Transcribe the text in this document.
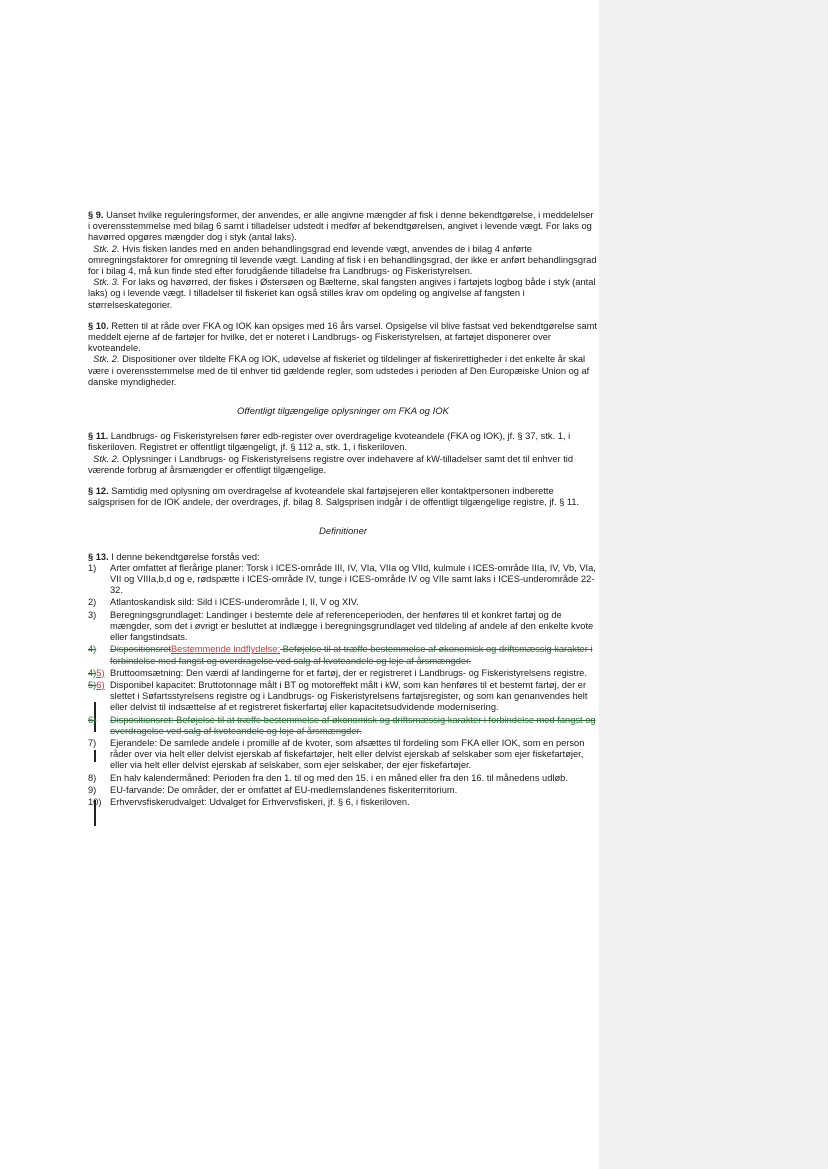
§ 9. Uanset hvilke reguleringsformer, der anvendes, er alle angivne mængder af fisk i denne bekendtgørelse, i meddelelser i overensstemmelse med bilag 6 samt i tilladelser udstedt i medfør af bekendtgørelsen, angivet i levende vægt. For laks og havørred opgøres mængder dog i styk (antal laks).

Stk. 2. Hvis fisken landes med en anden behandlingsgrad end levende vægt, anvendes de i bilag 4 anførte omregningsfaktorer for omregning til levende vægt. Landing af fisk i en behandlingsgrad, der ikke er anført behandlingsgrad for i bilag 4, må kun finde sted efter forudgående tilladelse fra Landbrugs- og Fiskeristyrelsen.

Stk. 3. For laks og havørred, der fiskes i Østersøen og Bælterne, skal fangsten angives i fartøjets logbog både i styk (antal laks) og i levende vægt. I tilladelser til fiskeriet kan også stilles krav om opdeling og angivelse af fangsten i størrelseskategorier.

§ 10. Retten til at råde over FKA og IOK kan opsiges med 16 års varsel. Opsigelse vil blive fastsat ved bekendtgørelse samt meddelt ejerne af de fartøjer for hvilke, det er noteret i Landbrugs- og Fiskeristyrelsen, at fartøjet disponerer over kvoteandele.

Stk. 2. Dispositioner over tildelte FKA og IOK, udøvelse af fiskeriet og tildelinger af fiskerirettigheder i det enkelte år skal være i overensstemmelse med de til enhver tid gældende regler, som udstedes i perioden af Den Europæiske Union og af danske myndigheder.

Offentligt tilgængelige oplysninger om FKA og IOK

§ 11. Landbrugs- og Fiskeristyrelsen fører edb-register over overdragelige kvoteandele (FKA og IOK), jf. § 37, stk. 1, i fiskeriloven. Registret er offentligt tilgængeligt, jf. § 112 a, stk. 1, i fiskeriloven.

Stk. 2. Oplysninger i Landbrugs- og Fiskeristyrelsens registre over indehavere af kW-tilladelser samt det til enhver tid værende forbrug af årsmængder er offentligt tilgængelige.

§ 12. Samtidig med oplysning om overdragelse af kvoteandele skal fartøjsejeren eller kontaktpersonen indberette salgsprisen for de IOK andele, der overdrages, jf. bilag 8. Salgsprisen indgår i de offentligt tilgængelige registre, jf. § 11.

Definitioner

§ 13. I denne bekendtgørelse forstås ved:

1) Arter omfattet af flerårige planer: Torsk i ICES-område III, IV, VIa, VIIa og VIId, kulmule i ICES-område IIIa, IV, Vb, VIa, VII og VIIIa,b,d og e, rødspætte i ICES-område IV, tunge i ICES-område IV og VIIe samt laks i ICES-underområde 22-32.
2) Atlantoskandisk sild: Sild i ICES-underområde I, II, V og XIV.
3) Beregningsgrundlaget: Landinger i bestemte dele af referenceperioden, der henføres til et konkret fartøj og de mængder, som det i øvrigt er besluttet at indlægge i beregningsgrundlaget ved tildeling af andele af den enkelte kvote eller fangstindsats.
4) DispositionsretBestemmende indflydelse: Beføjelse til at træffe bestemmelse af økonomisk og driftsmæssig karakter i forbindelse med fangst og overdragelse ved salg af kvoteandele og leje af årsmængder.
4)5) Bruttoomsætning: Den værdi af landingerne for et fartøj, der er registreret i Landbrugs- og Fiskeristyrelsens registre.
5)6) Disponibel kapacitet: Bruttotonnage målt i BT og motoreffekt målt i kW, som kan henføres til et bestemt fartøj, der er slettet i Søfartsstyrelsens registre og i Landbrugs- og Fiskeristyrelsens fartøjsregister, og som kan genanvendes helt eller delvist til indsættelse af et registreret fiskerfartøj eller kapacitetsudvidende modernisering.
6) Dispositionsret: Beføjelse til at træffe bestemmelse af økonomisk og driftsmæssig karakter i forbindelse med fangst og overdragelse ved salg af kvoteandele og leje af årsmængder.
7) Ejerandele: De samlede andele i promille af de kvoter, som afsættes til fordeling som FKA eller IOK, som en person råder over via helt eller delvist ejerskab af fiskefartøjer, helt eller delvist ejerskab af selskaber som ejer fiskefartøjer, eller via helt eller delvist ejerskab af selskaber, som ejer selskaber, der ejer fiskefartøjer.
8) En halv kalendermåned: Perioden fra den 1. til og med den 15. i en måned eller fra den 16. til månedens udløb.
9) EU-farvande: De områder, der er omfattet af EU-medlemslandenes fiskeriterritorium.
10) Erhvervsfiskerudvalget: Udvalget for Erhvervsfiskeri, jf. § 6, i fiskeriloven.
